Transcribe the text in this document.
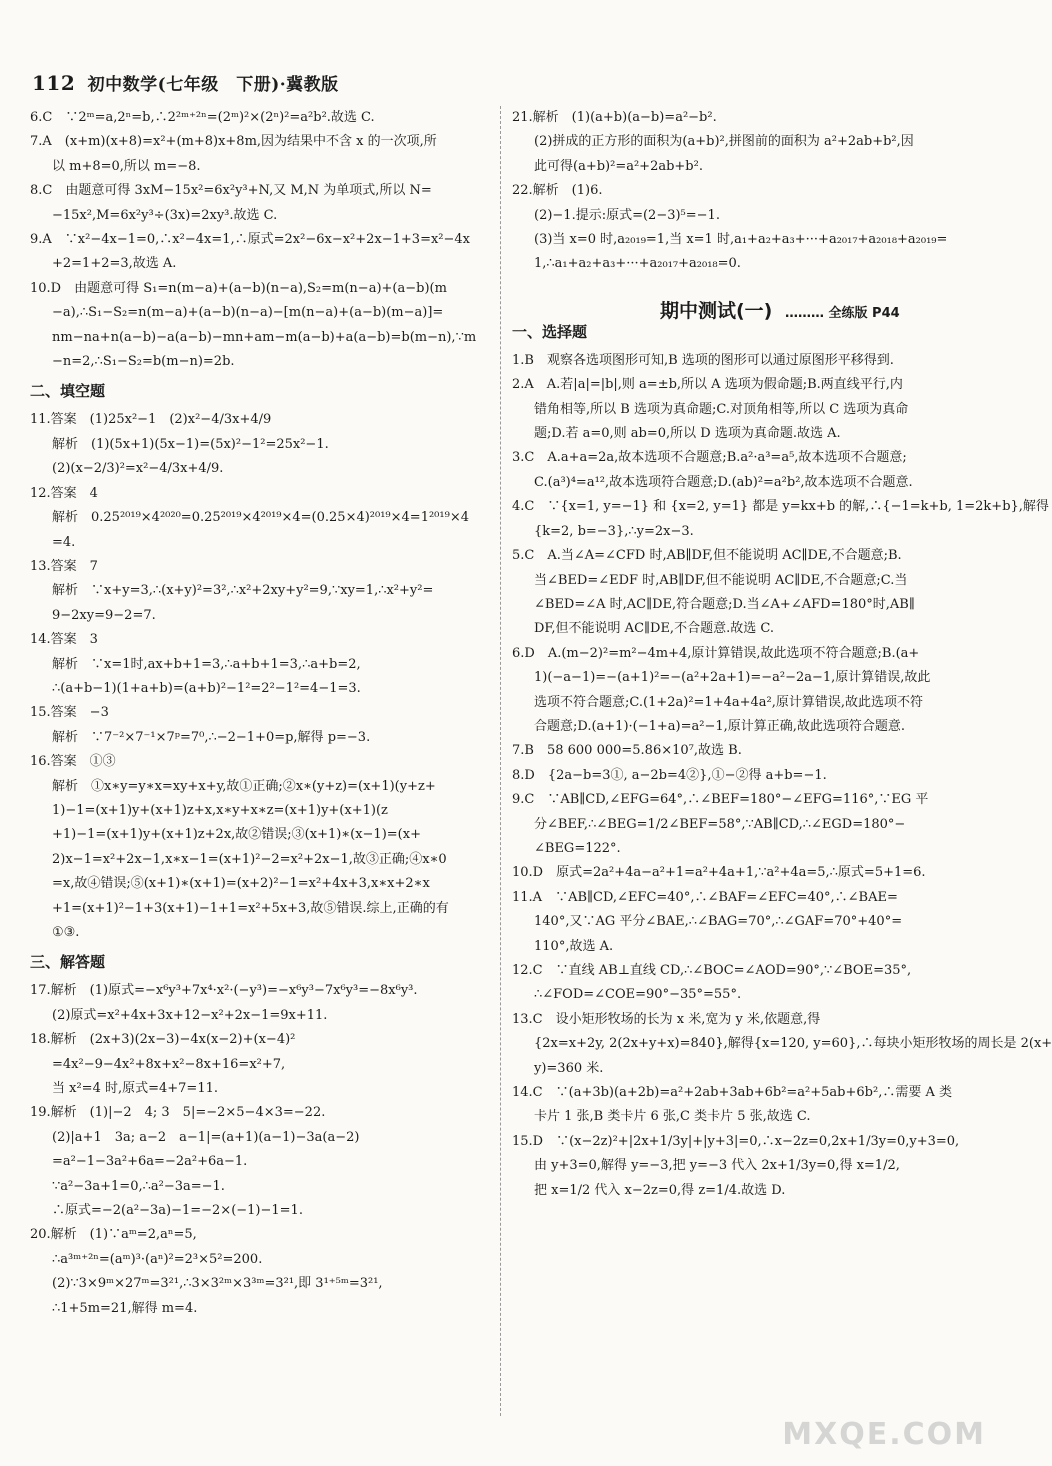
112 初中数学(七年级　下册)·冀教版
6.C　∵2ᵐ=a,2ⁿ=b,∴2²ᵐ⁺²ⁿ=(2ᵐ)²×(2ⁿ)²=a²b².故选 C.
7.A　(x+m)(x+8)=x²+(m+8)x+8m,因为结果中不含 x 的一次项,所
以 m+8=0,所以 m=−8.
8.C　由题意可得 3xM−15x²=6x²y³+N,又 M,N 为单项式,所以 N=
−15x²,M=6x²y³÷(3x)=2xy³.故选 C.
9.A　∵x²−4x−1=0,∴x²−4x=1,∴原式=2x²−6x−x²+2x−1+3=x²−4x
+2=1+2=3,故选 A.
10.D　由题意可得 S₁=n(m−a)+(a−b)(n−a),S₂=m(n−a)+(a−b)(m
−a),∴S₁−S₂=n(m−a)+(a−b)(n−a)−[m(n−a)+(a−b)(m−a)]=
nm−na+n(a−b)−a(a−b)−mn+am−m(a−b)+a(a−b)=b(m−n),∵m
−n=2,∴S₁−S₂=b(m−n)=2b.
二、填空题
11.答案　(1)25x²−1　(2)x²−4/3x+4/9
解析　(1)(5x+1)(5x−1)=(5x)²−1²=25x²−1.
(2)(x−2/3)²=x²−4/3x+4/9.
12.答案　4
解析　0.25²⁰¹⁹×4²⁰²⁰=0.25²⁰¹⁹×4²⁰¹⁹×4=(0.25×4)²⁰¹⁹×4=1²⁰¹⁹×4
=4.
13.答案　7
解析　∵x+y=3,∴(x+y)²=3²,∴x²+2xy+y²=9,∵xy=1,∴x²+y²=
9−2xy=9−2=7.
14.答案　3
解析　∵x=1时,ax+b+1=3,∴a+b+1=3,∴a+b=2,
∴(a+b−1)(1+a+b)=(a+b)²−1²=2²−1²=4−1=3.
15.答案　−3
解析　∵7⁻²×7⁻¹×7ᵖ=7⁰,∴−2−1+0=p,解得 p=−3.
16.答案　①③
解析　①x∗y=y∗x=xy+x+y,故①正确;②x∗(y+z)=(x+1)(y+z+
1)−1=(x+1)y+(x+1)z+x,x∗y+x∗z=(x+1)y+(x+1)(z
+1)−1=(x+1)y+(x+1)z+2x,故②错误;③(x+1)∗(x−1)=(x+
2)x−1=x²+2x−1,x∗x−1=(x+1)²−2=x²+2x−1,故③正确;④x∗0
=x,故④错误;⑤(x+1)∗(x+1)=(x+2)²−1=x²+4x+3,x∗x+2∗x
+1=(x+1)²−1+3(x+1)−1+1=x²+5x+3,故⑤错误.综上,正确的有
①③.
三、解答题
17.解析　(1)原式=−x⁶y³+7x⁴·x²·(−y³)=−x⁶y³−7x⁶y³=−8x⁶y³.
(2)原式=x²+4x+3x+12−x²+2x−1=9x+11.
18.解析　(2x+3)(2x−3)−4x(x−2)+(x−4)²
=4x²−9−4x²+8x+x²−8x+16=x²+7,
当 x²=4 时,原式=4+7=11.
19.解析　(1)|−2　4; 3　5|=−2×5−4×3=−22.
(2)|a+1　3a; a−2　a−1|=(a+1)(a−1)−3a(a−2)
=a²−1−3a²+6a=−2a²+6a−1.
∵a²−3a+1=0,∴a²−3a=−1.
∴原式=−2(a²−3a)−1=−2×(−1)−1=1.
20.解析　(1)∵aᵐ=2,aⁿ=5,
∴a³ᵐ⁺²ⁿ=(aᵐ)³·(aⁿ)²=2³×5²=200.
(2)∵3×9ᵐ×27ᵐ=3²¹,∴3×3²ᵐ×3³ᵐ=3²¹,即 3¹⁺⁵ᵐ=3²¹,
∴1+5m=21,解得 m=4.
21.解析　(1)(a+b)(a−b)=a²−b².
(2)拼成的正方形的面积为(a+b)²,拼图前的面积为 a²+2ab+b²,因
此可得(a+b)²=a²+2ab+b².
22.解析　(1)6.
(2)−1.提示:原式=(2−3)⁵=−1.
(3)当 x=0 时,a₂₀₁₉=1,当 x=1 时,a₁+a₂+a₃+···+a₂₀₁₇+a₂₀₁₈+a₂₀₁₉=
1,∴a₁+a₂+a₃+···+a₂₀₁₇+a₂₀₁₈=0.
一、选择题
1.B　观察各选项图形可知,B 选项的图形可以通过原图形平移得到.
2.A　A.若|a|=|b|,则 a=±b,所以 A 选项为假命题;B.两直线平行,内
错角相等,所以 B 选项为真命题;C.对顶角相等,所以 C 选项为真命
题;D.若 a=0,则 ab=0,所以 D 选项为真命题.故选 A.
3.C　A.a+a=2a,故本选项不合题意;B.a²·a³=a⁵,故本选项不合题意;
C.(a³)⁴=a¹²,故本选项符合题意;D.(ab)²=a²b²,故本选项不合题意.
4.C　∵{x=1, y=−1} 和 {x=2, y=1} 都是 y=kx+b 的解,∴{−1=k+b, 1=2k+b},解得
{k=2, b=−3},∴y=2x−3.
5.C　A.当∠A=∠CFD 时,AB∥DF,但不能说明 AC∥DE,不合题意;B.
当∠BED=∠EDF 时,AB∥DF,但不能说明 AC∥DE,不合题意;C.当
∠BED=∠A 时,AC∥DE,符合题意;D.当∠A+∠AFD=180°时,AB∥
DF,但不能说明 AC∥DE,不合题意.故选 C.
6.D　A.(m−2)²=m²−4m+4,原计算错误,故此选项不符合题意;B.(a+
1)(−a−1)=−(a+1)²=−(a²+2a+1)=−a²−2a−1,原计算错误,故此
选项不符合题意;C.(1+2a)²=1+4a+4a²,原计算错误,故此选项不符
合题意;D.(a+1)·(−1+a)=a²−1,原计算正确,故此选项符合题意.
7.B　58 600 000=5.86×10⁷,故选 B.
8.D　{2a−b=3①, a−2b=4②},①−②得 a+b=−1.
9.C　∵AB∥CD,∠EFG=64°,∴∠BEF=180°−∠EFG=116°,∵EG 平
分∠BEF,∴∠BEG=1/2∠BEF=58°,∵AB∥CD,∴∠EGD=180°−
∠BEG=122°.
10.D　原式=2a²+4a−a²+1=a²+4a+1,∵a²+4a=5,∴原式=5+1=6.
11.A　∵AB∥CD,∠EFC=40°,∴∠BAF=∠EFC=40°,∴∠BAE=
140°,又∵AG 平分∠BAE,∴∠BAG=70°,∴∠GAF=70°+40°=
110°,故选 A.
12.C　∵直线 AB⊥直线 CD,∴∠BOC=∠AOD=90°,∵∠BOE=35°,
∴∠FOD=∠COE=90°−35°=55°.
13.C　设小矩形牧场的长为 x 米,宽为 y 米,依题意,得
{2x=x+2y, 2(2x+y+x)=840},解得{x=120, y=60},∴每块小矩形牧场的周长是 2(x+
y)=360 米.
14.C　∵(a+3b)(a+2b)=a²+2ab+3ab+6b²=a²+5ab+6b²,∴需要 A 类
卡片 1 张,B 类卡片 6 张,C 类卡片 5 张,故选 C.
15.D　∵(x−2z)²+|2x+1/3y|+|y+3|=0,∴x−2z=0,2x+1/3y=0,y+3=0,
由 y+3=0,解得 y=−3,把 y=−3 代入 2x+1/3y=0,得 x=1/2,
把 x=1/2 代入 x−2z=0,得 z=1/4.故选 D.
期中测试(一) ……… 全练版 P44
MXQE.COM
